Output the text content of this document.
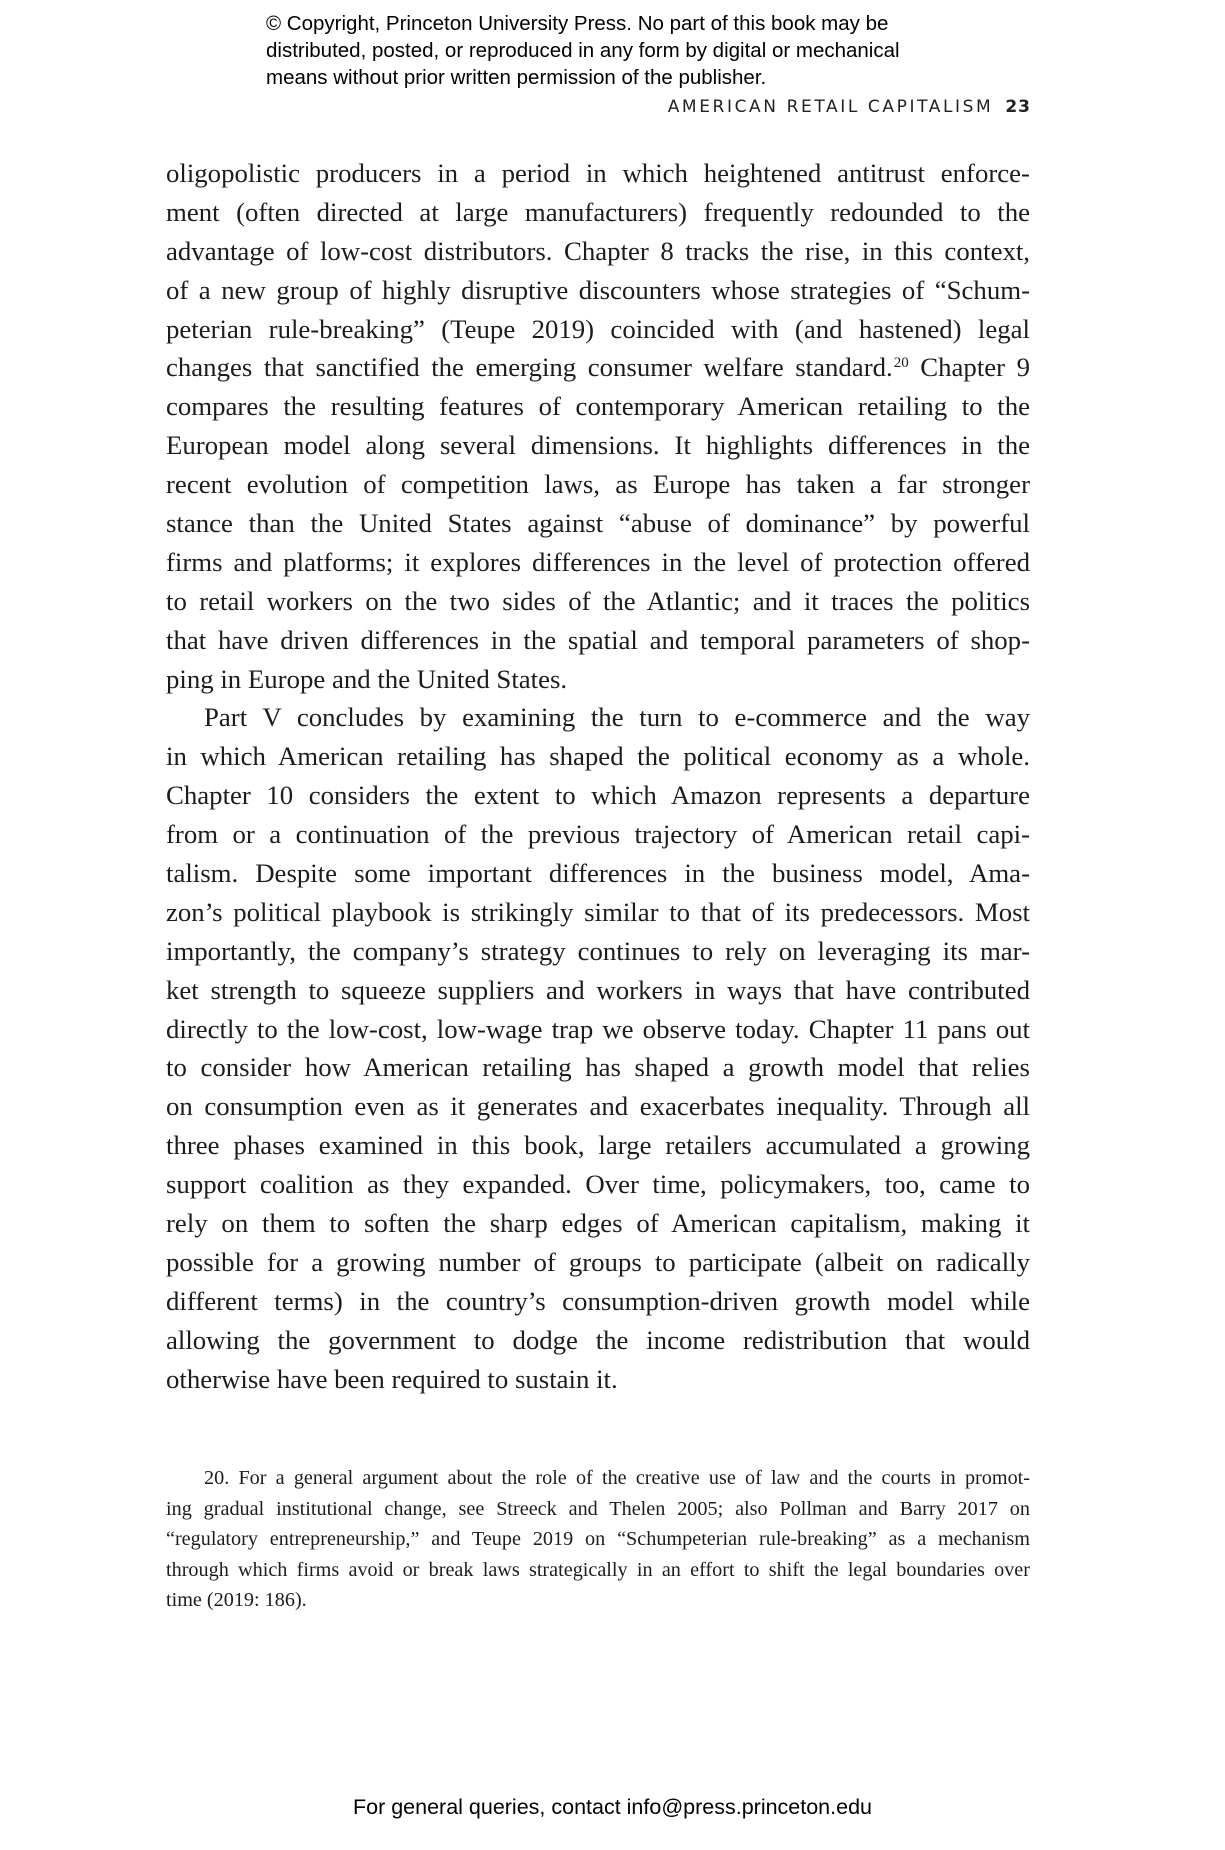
© Copyright, Princeton University Press. No part of this book may be
distributed, posted, or reproduced in any form by digital or mechanical
means without prior written permission of the publisher.
AMERICAN RETAIL CAPITALISM 23
oligopolistic producers in a period in which heightened antitrust enforce-
ment (often directed at large manufacturers) frequently redounded to the
advantage of low-cost distributors. Chapter 8 tracks the rise, in this context,
of a new group of highly disruptive discounters whose strategies of “Schum-
peterian rule-breaking” (Teupe 2019) coincided with (and hastened) legal
changes that sanctified the emerging consumer welfare standard.$^{20}$ Chapter 9
compares the resulting features of contemporary American retailing to the
European model along several dimensions. It highlights differences in the
recent evolution of competition laws, as Europe has taken a far stronger
stance than the United States against “abuse of dominance” by powerful
firms and platforms; it explores differences in the level of protection offered
to retail workers on the two sides of the Atlantic; and it traces the politics
that have driven differences in the spatial and temporal parameters of shop-
ping in Europe and the United States.
Part V concludes by examining the turn to e-commerce and the way
in which American retailing has shaped the political economy as a whole.
Chapter 10 considers the extent to which Amazon represents a departure
from or a continuation of the previous trajectory of American retail capi-
talism. Despite some important differences in the business model, Ama-
zon’s political playbook is strikingly similar to that of its predecessors. Most
importantly, the company’s strategy continues to rely on leveraging its mar-
ket strength to squeeze suppliers and workers in ways that have contributed
directly to the low-cost, low-wage trap we observe today. Chapter 11 pans out
to consider how American retailing has shaped a growth model that relies
on consumption even as it generates and exacerbates inequality. Through all
three phases examined in this book, large retailers accumulated a growing
support coalition as they expanded. Over time, policymakers, too, came to
rely on them to soften the sharp edges of American capitalism, making it
possible for a growing number of groups to participate (albeit on radically
different terms) in the country’s consumption-driven growth model while
allowing the government to dodge the income redistribution that would
otherwise have been required to sustain it.
20. For a general argument about the role of the creative use of law and the courts in promot-
ing gradual institutional change, see Streeck and Thelen 2005; also Pollman and Barry 2017 on
“regulatory entrepreneurship,” and Teupe 2019 on “Schumpeterian rule-breaking” as a mechanism
through which firms avoid or break laws strategically in an effort to shift the legal boundaries over
time (2019: 186).
For general queries, contact info@press.princeton.edu
